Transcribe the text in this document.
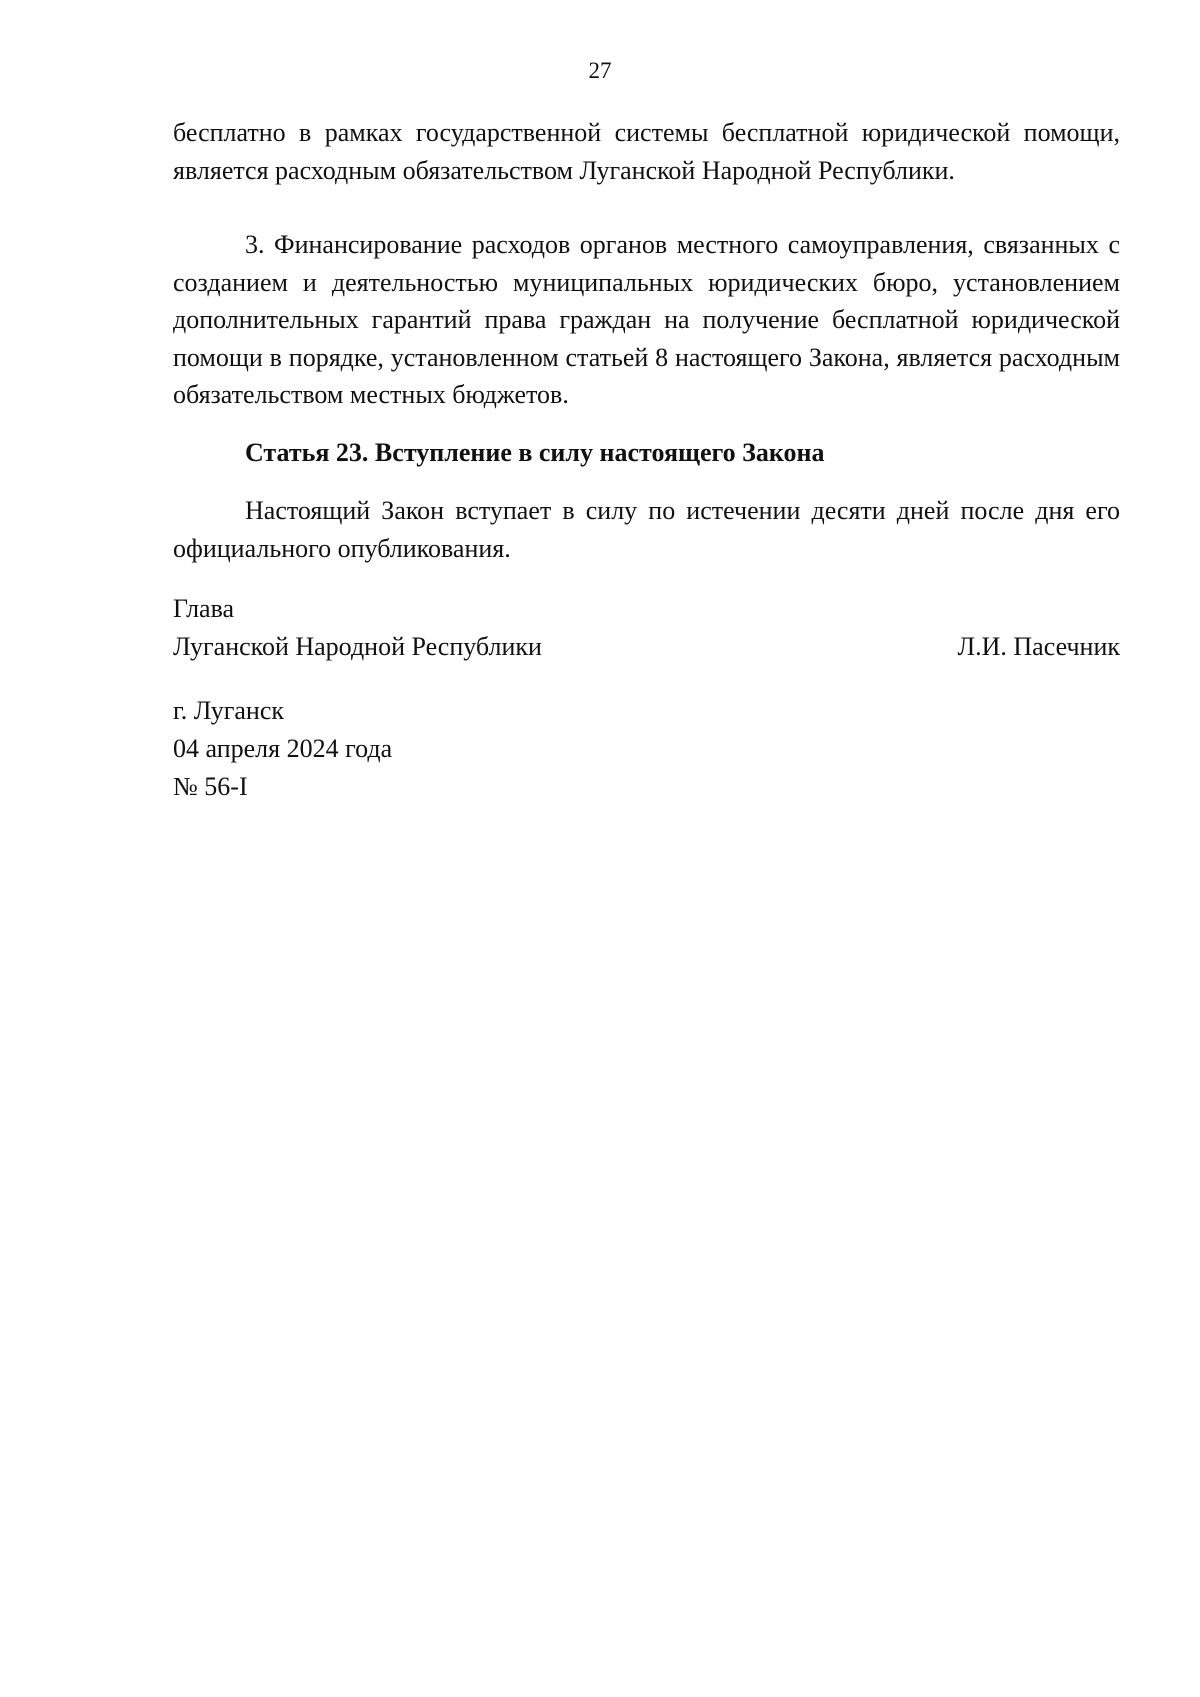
27
бесплатно в рамках государственной системы бесплатной юридической помощи, является расходным обязательством Луганской Народной Республики.
3. Финансирование расходов органов местного самоуправления, связанных с созданием и деятельностью муниципальных юридических бюро, установлением дополнительных гарантий права граждан на получение бесплатной юридической помощи в порядке, установленном статьей 8 настоящего Закона, является расходным обязательством местных бюджетов.
Статья 23. Вступление в силу настоящего Закона
Настоящий Закон вступает в силу по истечении десяти дней после дня его официального опубликования.
Глава
Луганской Народной Республики	Л.И. Пасечник
г. Луганск
04 апреля 2024 года
№ 56-I
